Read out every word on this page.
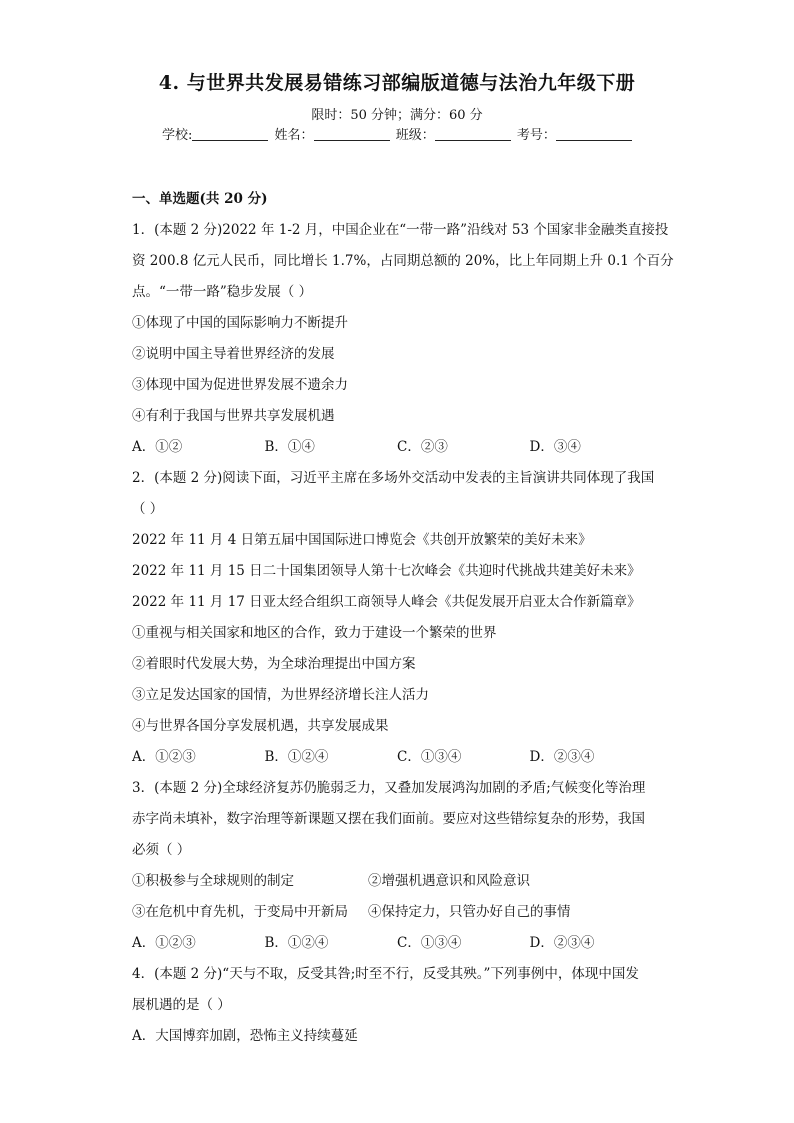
4. 与世界共发展易错练习部编版道德与法治九年级下册
限时：50 分钟；满分：60 分
学校:	姓名：	班级：	考号：
一、单选题(共 20 分)
1．(本题 2 分)2022 年 1-2 月，中国企业在“一带一路”沿线对 53 个国家非金融类直接投
资 200.8 亿元人民币，同比增长 1.7%，占同期总额的 20%，比上年同期上升 0.1 个百分
点。“一带一路”稳步发展（ ）
①体现了中国的国际影响力不断提升
②说明中国主导着世界经济的发展
③体现中国为促进世界发展不遗余力
④有利于我国与世界共享发展机遇
A．①②	B．①④	C．②③	D．③④
2．(本题 2 分)阅读下面，习近平主席在多场外交活动中发表的主旨演讲共同体现了我国
（ ）
2022 年 11 月 4 日第五届中国国际进口博览会《共创开放繁荣的美好未来》
2022 年 11 月 15 日二十国集团领导人第十七次峰会《共迎时代挑战共建美好未来》
2022 年 11 月 17 日亚太经合组织工商领导人峰会《共促发展开启亚太合作新篇章》
①重视与相关国家和地区的合作，致力于建设一个繁荣的世界
②着眼时代发展大势，为全球治理提出中国方案
③立足发达国家的国情，为世界经济增长注人活力
④与世界各国分享发展机遇，共享发展成果
A．①②③	B．①②④	C．①③④	D．②③④
3．(本题 2 分)全球经济复苏仍脆弱乏力，又叠加发展鸿沟加剧的矛盾;气候变化等治理
赤字尚未填补，数字治理等新课题又摆在我们面前。要应对这些错综复杂的形势，我国
必须（ ）
①积极参与全球规则的制定	②增强机遇意识和风险意识
③在危机中育先机，于变局中开新局	④保持定力，只管办好自己的事情
A．①②③	B．①②④	C．①③④	D．②③④
4．(本题 2 分)“天与不取，反受其咎;时至不行，反受其殃。”下列事例中，体现中国发
展机遇的是（ ）
A．大国博弈加剧，恐怖主义持续蔓延
